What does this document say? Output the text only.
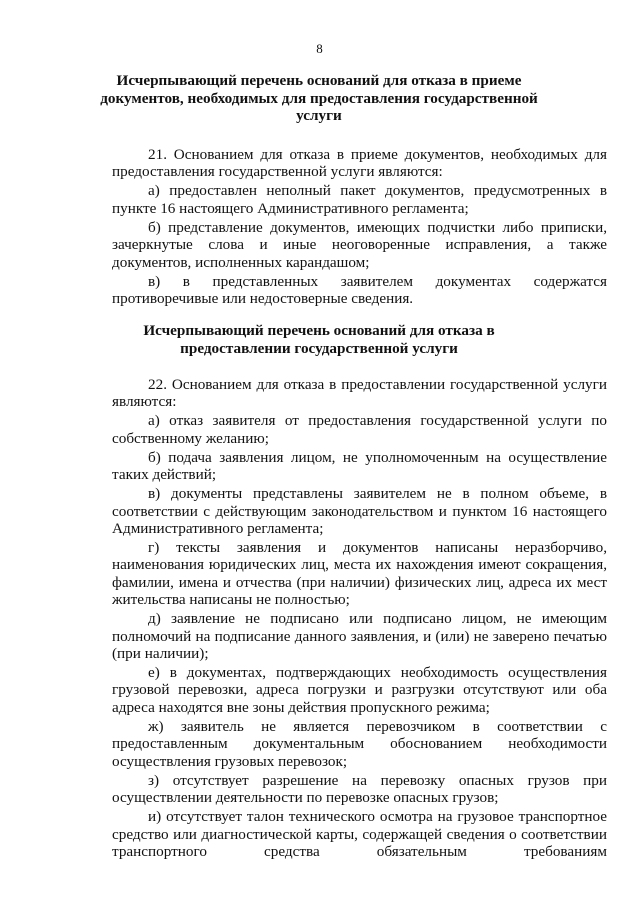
8
Исчерпывающий перечень оснований для отказа в приеме документов, необходимых для предоставления государственной услуги

21. Основанием для отказа в приеме документов, необходимых для предоставления государственной услуги являются:

а) предоставлен неполный пакет документов, предусмотренных в пункте 16 настоящего Административного регламента;

б) представление документов, имеющих подчистки либо приписки, зачеркнутые слова и иные неоговоренные исправления, а также документов, исполненных карандашом;

в) в представленных заявителем документах содержатся противоречивые или недостоверные сведения.

Исчерпывающий перечень оснований для отказа в предоставлении государственной услуги

22. Основанием для отказа в предоставлении государственной услуги являются:

а) отказ заявителя от предоставления государственной услуги по собственному желанию;

б) подача заявления лицом, не уполномоченным на осуществление таких действий;

в) документы представлены заявителем не в полном объеме, в соответствии с действующим законодательством и пунктом 16 настоящего Административного регламента;

г) тексты заявления и документов написаны неразборчиво, наименования юридических лиц, места их нахождения имеют сокращения, фамилии, имена и отчества (при наличии) физических лиц, адреса их мест жительства написаны не полностью;

д) заявление не подписано или подписано лицом, не имеющим полномочий на подписание данного заявления, и (или) не заверено печатью (при наличии);

е) в документах, подтверждающих необходимость осуществления грузовой перевозки, адреса погрузки и разгрузки отсутствуют или оба адреса находятся вне зоны действия пропускного режима;

ж) заявитель не является перевозчиком в соответствии с предоставленным документальным обоснованием необходимости осуществления грузовых перевозок;

з) отсутствует разрешение на перевозку опасных грузов при осуществлении деятельности по перевозке опасных грузов;

и) отсутствует талон технического осмотра на грузовое транспортное средство или диагностической карты, содержащей сведения о соответствии транспортного средства обязательным требованиям
